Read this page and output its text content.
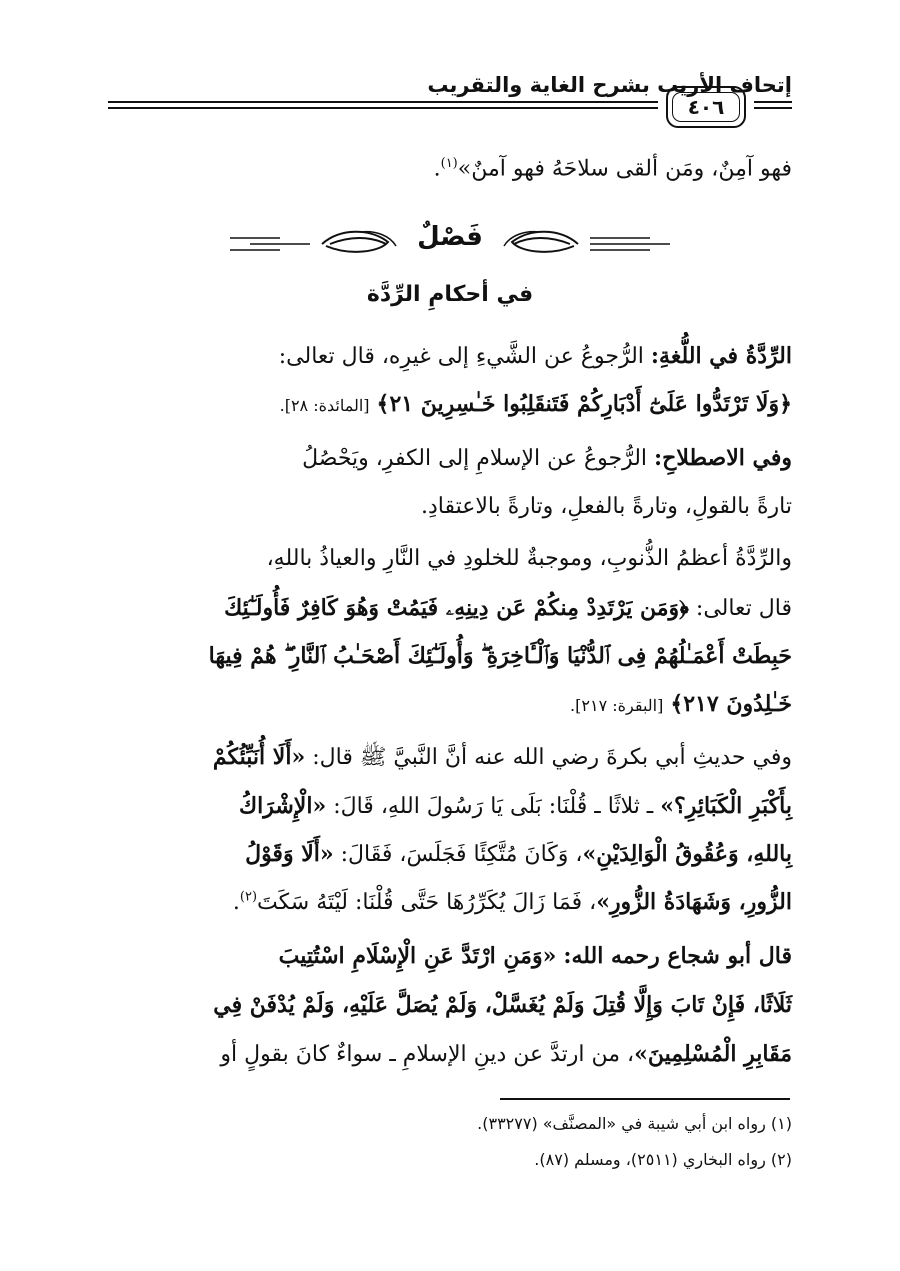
إتحاف الأريب بشرح الغاية والتقريب
٤٠٦
فهو آمِنٌ، ومَن ألقى سلاحَهُ فهو آمنٌ»$^{(١)}$.
فَصْلٌ
في أحكامِ الرِّدَّة
الرِّدَّةُ في اللُّغةِ: الرُّجوعُ عن الشَّيءِ إلى غيرِه، قال تعالى:
﴿وَلَا تَرْتَدُّوا عَلَىٰٓ أَدْبَارِكُمْ فَتَنقَلِبُوا خَـٰسِرِينَ ٢١﴾ [المائدة: ٢٨].
وفي الاصطلاحِ: الرُّجوعُ عن الإسلامِ إلى الكفرِ، ويَحْصُلُ
تارةً بالقولِ، وتارةً بالفعلِ، وتارةً بالاعتقادِ.
والرِّدَّةُ أعظمُ الذُّنوبِ، وموجبةٌ للخلودِ في النَّارِ والعياذُ باللهِ،
قال تعالى: ﴿وَمَن يَرْتَدِدْ مِنكُمْ عَن دِينِهِۦ فَيَمُتْ وَهُوَ كَافِرٌ فَأُولَـٰٓئِكَ
حَبِطَتْ أَعْمَـٰلُهُمْ فِى ٱلدُّنْيَا وَٱلْـَٔاخِرَةِ ۖ وَأُولَـٰٓئِكَ أَصْحَـٰبُ ٱلنَّارِ ۖ هُمْ فِيهَا
خَـٰلِدُونَ ٢١٧﴾ [البقرة: ٢١٧].
وفي حديثِ أبي بكرةَ رضي الله عنه أنَّ النَّبيَّ ﷺ قال: «أَلَا أُنَبِّئُكُمْ
بِأَكْبَرِ الْكَبَائِرِ؟» ـ ثلاثًا ـ قُلْنَا: بَلَى يَا رَسُولَ اللهِ، قَالَ: «الْإِشْرَاكُ
بِاللهِ، وَعُقُوقُ الْوَالِدَيْنِ»، وَكَانَ مُتَّكِئًا فَجَلَسَ، فَقَالَ: «أَلَا وَقَوْلُ
الزُّورِ، وَشَهَادَةُ الزُّورِ»، فَمَا زَالَ يُكَرِّرُهَا حَتَّى قُلْنَا: لَيْتَهُ سَكَتَ$^{(٢)}$.
قال أبو شجاع رحمه الله: «وَمَنِ ارْتَدَّ عَنِ الْإِسْلَامِ اسْتُتِيبَ
ثَلَاثًا، فَإِنْ تَابَ وَإِلَّا قُتِلَ وَلَمْ يُغَسَّلْ، وَلَمْ يُصَلَّ عَلَيْهِ، وَلَمْ يُدْفَنْ فِي
مَقَابِرِ الْمُسْلِمِينَ»، من ارتدَّ عن دينِ الإسلامِ ـ سواءٌ كانَ بقولٍ أو
(١) رواه ابن أبي شيبة في «المصنَّف» (٣٣٢٧٧).
(٢) رواه البخاري (٢٥١١)، ومسلم (٨٧).
